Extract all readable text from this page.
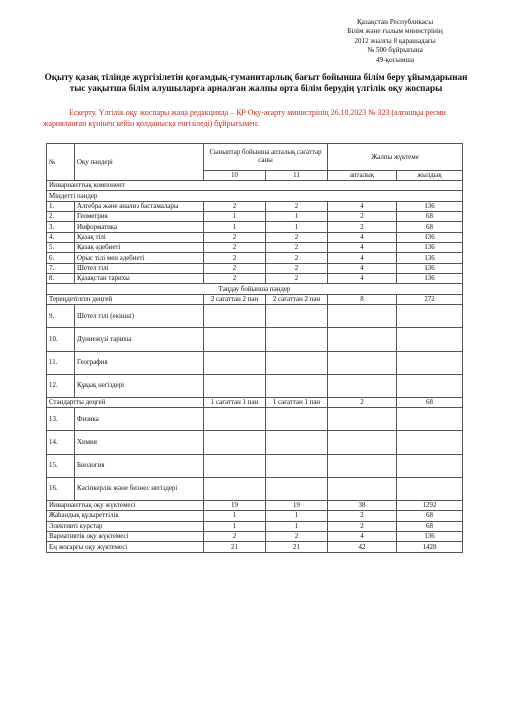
Қазақстан Республикасы
Білім және ғылым министрінің
2012 жылғы 8 қарашадағы
№ 500 бұйрығына
49-қосымша
Оқыту қазақ тілінде жүргізілетін қоғамдық-гуманитарлық бағыт бойынша білім беру ұйымдарынан тыс уақытша білім алушыларға арналған жалпы орта білім берудің үлгілік оқу жоспары
Ескерту. Үлгілік оқу жоспары жаңа редакцияда – ҚР Оқу-ағарту министрінің 26.10.2023 № 323 (алғашқы ресми жарияланған күнінен кейін қолданысқа енгізіледі) бұйрығымен.
№	Оқу пәндері	Сыныптар бойынша апталық сағаттар саны		Жалпы жүктеме	
		10	11	апталық	жылдық
Инварианттық компонент					
Міндетті пәндер					
1.	Алгебра және анализ бастамалары	2	2	4	136
2.	Геометрия	1	1	2	68
3.	Информатика	1	1	2	68
4.	Қазақ тілі	2	2	4	136
5.	Қазақ әдебиеті	2	2	4	136
6.	Орыс тілі мен әдебиеті	2	2	4	136
7.	Шетел тілі	2	2	4	136
8.	Қазақстан тарихы	2	2	4	136
Таңдау бойынша пәндер					
Тереңдетілген деңгей		2 сағаттан 2 пән	2 сағаттан 2 пән	8	272
9.	Шетел тілі (екінші)				
10.	Дүниежүзі тарихы				
11.	География				
12.	Құқық негіздері				
Стандартты деңгей		1 сағаттан 1 пән	1 сағаттан 1 пән	2	68
13.	Физика				
14.	Химия				
15.	Биология				
16.	Кәсіпкерлік және бизнес негіздері				
Инварианттық оқу жүктемесі		19	19	38	1292
Жаһандық құзыреттілік		1	1	2	68
Элективті курстар		1	1	2	68
Вариативтік оқу жүктемесі		2	2	4	136
Ең жоғарғы оқу жүктемесі		21	21	42	1428
